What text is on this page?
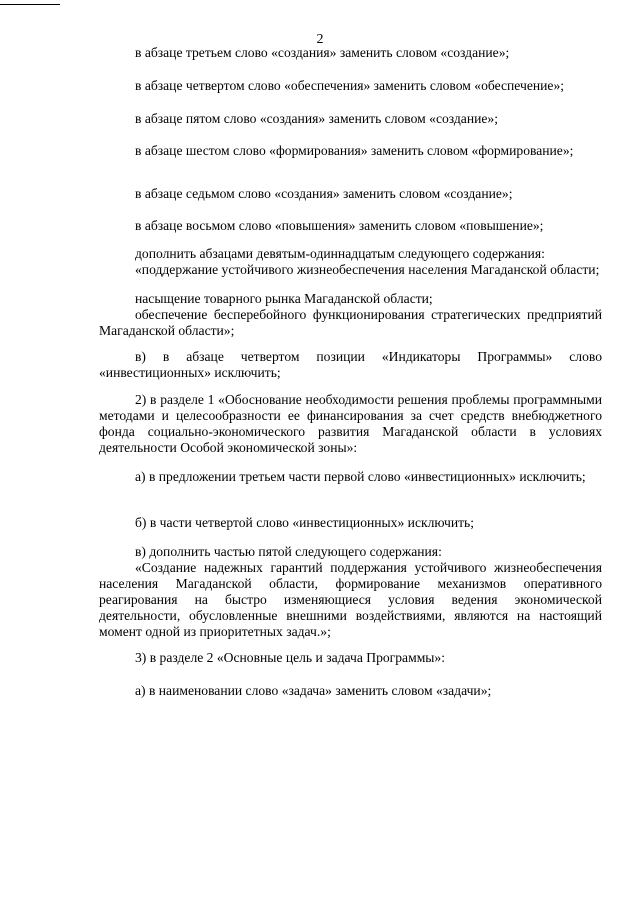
2

в абзаце третьем слово «создания» заменить словом «создание»;

в абзаце четвертом слово «обеспечения» заменить словом «обеспечение»;

в абзаце пятом слово «создания» заменить словом «создание»;

в абзаце шестом слово «формирования» заменить словом «формирование»;

в абзаце седьмом слово «создания» заменить словом «создание»;

в абзаце восьмом слово «повышения» заменить словом «повышение»;

дополнить абзацами девятым-одиннадцатым следующего содержания:

«поддержание устойчивого жизнеобеспечения населения Магаданской области;

насыщение товарного рынка Магаданской области;

обеспечение бесперебойного функционирования стратегических предприятий Магаданской области»;

в) в абзаце четвертом позиции «Индикаторы Программы» слово «инвестиционных» исключить;

2) в разделе 1 «Обоснование необходимости решения проблемы программными методами и целесообразности ее финансирования за счет средств внебюджетного фонда социально-экономического развития Магаданской области в условиях деятельности Особой экономической зоны»:

а) в предложении третьем части первой слово «инвестиционных» исключить;

б) в части четвертой слово «инвестиционных» исключить;

в) дополнить частью пятой следующего содержания:

«Создание надежных гарантий поддержания устойчивого жизнеобеспечения населения Магаданской области, формирование механизмов оперативного реагирования на быстро изменяющиеся условия ведения экономической деятельности, обусловленные внешними воздействиями, являются на настоящий момент одной из приоритетных задач.»;

3) в разделе 2 «Основные цель и задача Программы»:

а) в наименовании слово «задача» заменить словом «задачи»;
